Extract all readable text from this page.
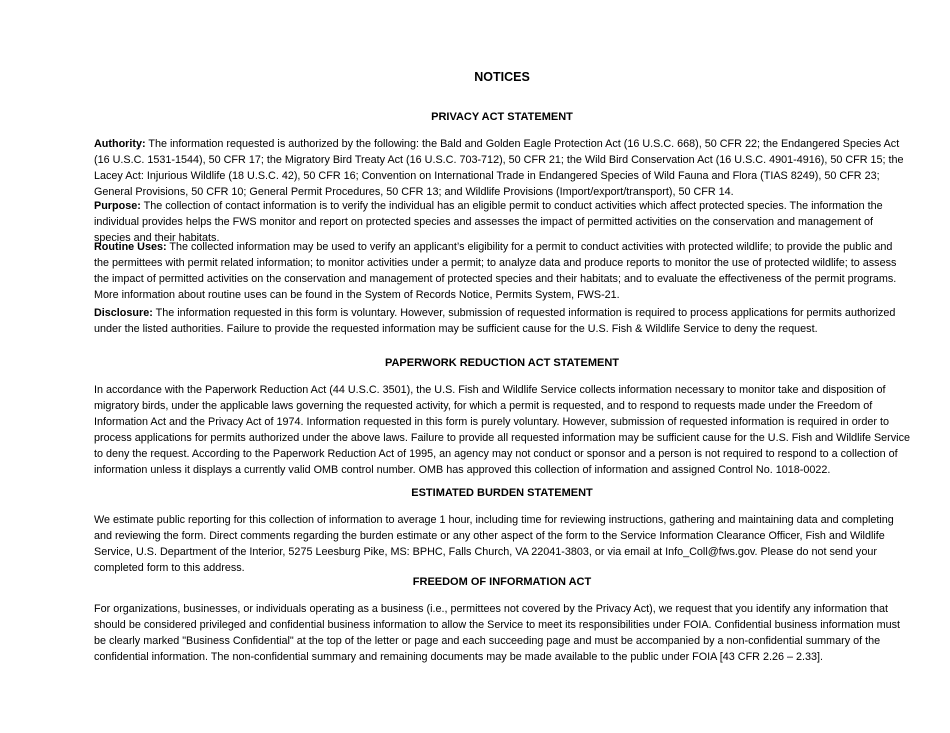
NOTICES
PRIVACY ACT STATEMENT

Authority: The information requested is authorized by the following: the Bald and Golden Eagle Protection Act (16 U.S.C. 668), 50 CFR 22; the Endangered Species Act (16 U.S.C. 1531-1544), 50 CFR 17; the Migratory Bird Treaty Act (16 U.S.C. 703-712), 50 CFR 21; the Wild Bird Conservation Act (16 U.S.C. 4901-4916), 50 CFR 15; the Lacey Act: Injurious Wildlife (18 U.S.C. 42), 50 CFR 16; Convention on International Trade in Endangered Species of Wild Fauna and Flora (TIAS 8249), 50 CFR 23; General Provisions, 50 CFR 10; General Permit Procedures, 50 CFR 13; and Wildlife Provisions (Import/export/transport), 50 CFR 14.

Purpose: The collection of contact information is to verify the individual has an eligible permit to conduct activities which affect protected species. The information the individual provides helps the FWS monitor and report on protected species and assesses the impact of permitted activities on the conservation and management of species and their habitats.

Routine Uses: The collected information may be used to verify an applicant’s eligibility for a permit to conduct activities with protected wildlife; to provide the public and the permittees with permit related information; to monitor activities under a permit; to analyze data and produce reports to monitor the use of protected wildlife; to assess the impact of permitted activities on the conservation and management of protected species and their habitats; and to evaluate the effectiveness of the permit programs. More information about routine uses can be found in the System of Records Notice, Permits System, FWS-21.

Disclosure: The information requested in this form is voluntary. However, submission of requested information is required to process applications for permits authorized under the listed authorities. Failure to provide the requested information may be sufficient cause for the U.S. Fish & Wildlife Service to deny the request.

PAPERWORK REDUCTION ACT STATEMENT

In accordance with the Paperwork Reduction Act (44 U.S.C. 3501), the U.S. Fish and Wildlife Service collects information necessary to monitor take and disposition of migratory birds, under the applicable laws governing the requested activity, for which a permit is requested, and to respond to requests made under the Freedom of Information Act and the Privacy Act of 1974. Information requested in this form is purely voluntary. However, submission of requested information is required in order to process applications for permits authorized under the above laws. Failure to provide all requested information may be sufficient cause for the U.S. Fish and Wildlife Service to deny the request. According to the Paperwork Reduction Act of 1995, an agency may not conduct or sponsor and a person is not required to respond to a collection of information unless it displays a currently valid OMB control number. OMB has approved this collection of information and assigned Control No. 1018-0022.

ESTIMATED BURDEN STATEMENT

We estimate public reporting for this collection of information to average 1 hour, including time for reviewing instructions, gathering and maintaining data and completing and reviewing the form. Direct comments regarding the burden estimate or any other aspect of the form to the Service Information Clearance Officer, Fish and Wildlife Service, U.S. Department of the Interior, 5275 Leesburg Pike, MS: BPHC, Falls Church, VA 22041-3803, or via email at Info_Coll@fws.gov. Please do not send your completed form to this address.

FREEDOM OF INFORMATION ACT

For organizations, businesses, or individuals operating as a business (i.e., permittees not covered by the Privacy Act), we request that you identify any information that should be considered privileged and confidential business information to allow the Service to meet its responsibilities under FOIA. Confidential business information must be clearly marked "Business Confidential" at the top of the letter or page and each succeeding page and must be accompanied by a non-confidential summary of the confidential information. The non-confidential summary and remaining documents may be made available to the public under FOIA [43 CFR 2.26 – 2.33].
